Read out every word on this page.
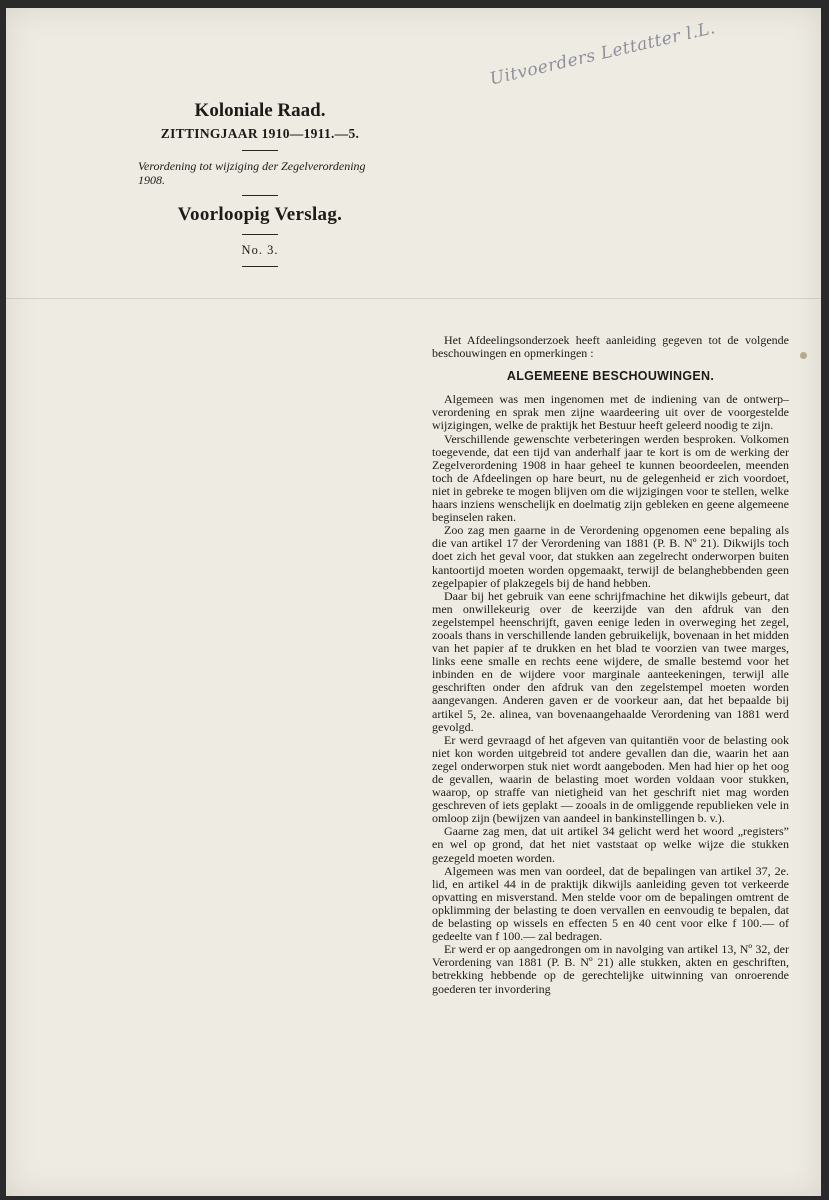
Uitvoerders Lettatter l.L.

Koloniale Raad.

ZITTINGJAAR 1910—1911.—5.

Verordening tot wijziging der Zegelverordening 1908.

Voorloopig Verslag.

No. 3.

Het Afdeelingsonderzoek heeft aanleiding gegeven tot de volgende beschouwingen en opmerkingen :

ALGEMEENE BESCHOUWINGEN.

Algemeen was men ingenomen met de indiening van de ontwerp–verordening en sprak men zijne waardeering uit over de voorgestelde wijzigingen, welke de praktijk het Bestuur heeft geleerd noodig te zijn.

Verschillende gewenschte verbeteringen werden besproken. Volkomen toegevende, dat een tijd van anderhalf jaar te kort is om de werking der Zegelverordening 1908 in haar geheel te kunnen beoordeelen, meenden toch de Afdeelingen op hare beurt, nu de gelegenheid er zich voordoet, niet in gebreke te mogen blijven om die wijzigingen voor te stellen, welke haars inziens wenschelijk en doelmatig zijn gebleken en geene algemeene beginselen raken.

Zoo zag men gaarne in de Verordening opgenomen eene bepaling als die van artikel 17 der Verordening van 1881 (P. B. Nº 21). Dikwijls toch doet zich het geval voor, dat stukken aan zegelrecht onderworpen buiten kantoortijd moeten worden opgemaakt, terwijl de belanghebbenden geen zegelpapier of plakzegels bij de hand hebben.

Daar bij het gebruik van eene schrijfmachine het dikwijls gebeurt, dat men onwillekeurig over de keerzijde van den afdruk van den zegelstempel heenschrijft, gaven eenige leden in overweging het zegel, zooals thans in verschillende landen gebruikelijk, bovenaan in het midden van het papier af te drukken en het blad te voorzien van twee marges, links eene smalle en rechts eene wijdere, de smalle bestemd voor het inbinden en de wijdere voor marginale aanteekeningen, terwijl alle geschriften onder den afdruk van den zegelstempel moeten worden aangevangen. Anderen gaven er de voorkeur aan, dat het bepaalde bij artikel 5, 2e. alinea, van bovenaangehaalde Verordening van 1881 werd gevolgd.

Er werd gevraagd of het afgeven van quitantiën voor de belasting ook niet kon worden uitgebreid tot andere gevallen dan die, waarin het aan zegel onderworpen stuk niet wordt aangeboden. Men had hier op het oog de gevallen, waarin de belasting moet worden voldaan voor stukken, waarop, op straffe van nietigheid van het geschrift niet mag worden geschreven of iets geplakt — zooals in de omliggende republieken vele in omloop zijn (bewijzen van aandeel in bankinstellingen b. v.).

Gaarne zag men, dat uit artikel 34 gelicht werd het woord „registers” en wel op grond, dat het niet vaststaat op welke wijze die stukken gezegeld moeten worden.

Algemeen was men van oordeel, dat de bepalingen van artikel 37, 2e. lid, en artikel 44 in de praktijk dikwijls aanleiding geven tot verkeerde opvatting en misverstand. Men stelde voor om de bepalingen omtrent de opklimming der belasting te doen vervallen en eenvoudig te bepalen, dat de belasting op wissels en effecten 5 en 40 cent voor elke f 100.— of gedeelte van f 100.— zal bedragen.

Er werd er op aangedrongen om in navolging van artikel 13, Nº 32, der Verordening van 1881 (P. B. Nº 21) alle stukken, akten en geschriften, betrekking hebbende op de gerechtelijke uitwinning van onroerende goederen ter invordering
